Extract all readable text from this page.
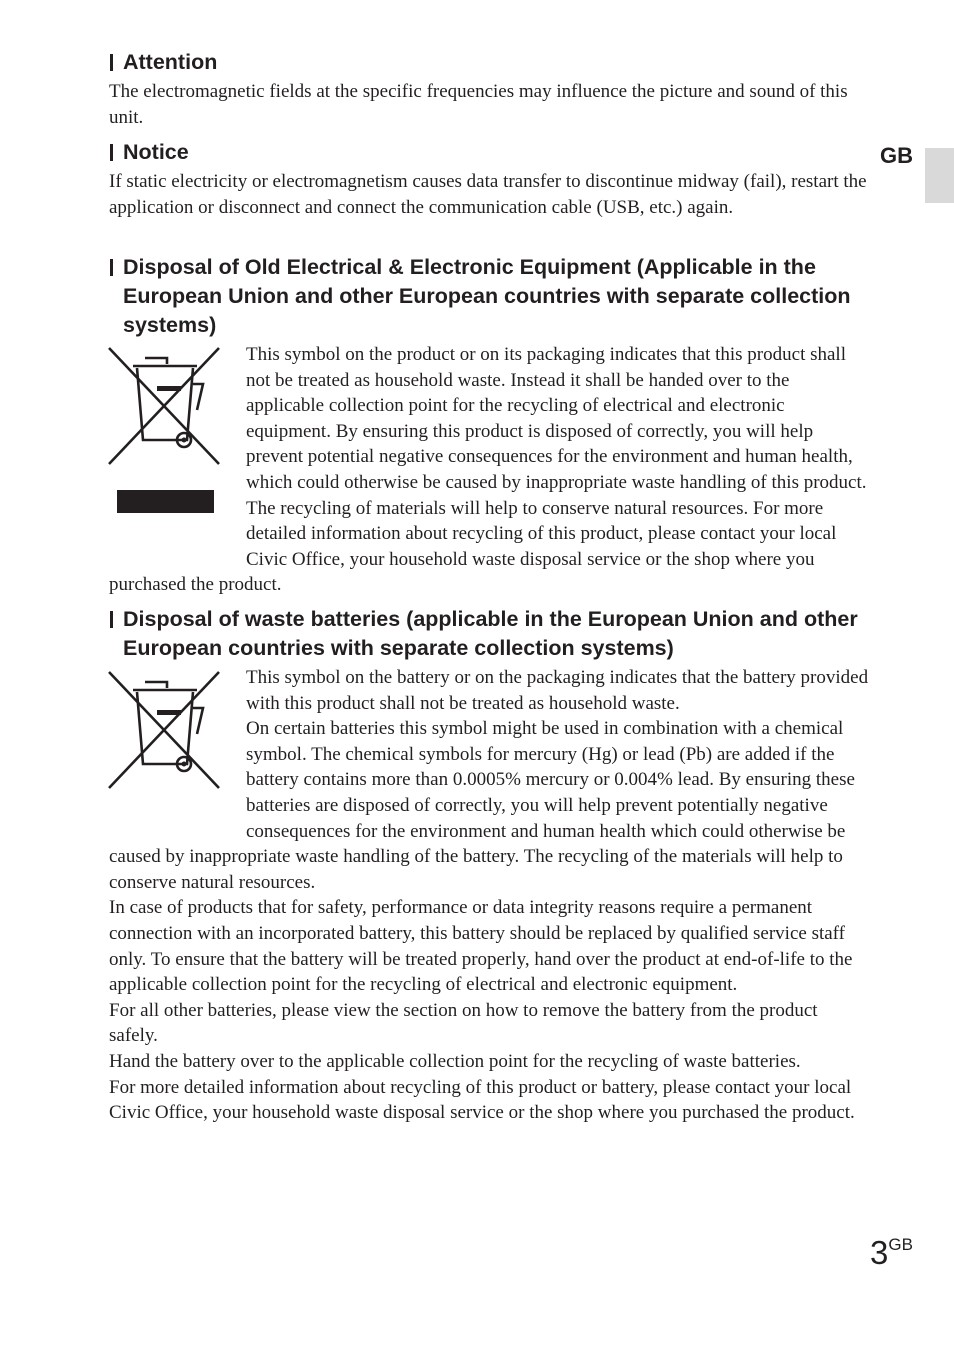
GB
Attention

The electromagnetic fields at the specific frequencies may influence the picture and sound of this unit.

Notice

If static electricity or electromagnetism causes data transfer to discontinue midway (fail), restart the application or disconnect and connect the communication cable (USB, etc.) again.

Disposal of Old Electrical & Electronic Equipment (Applicable in the European Union and other European countries with separate collection systems)

This symbol on the product or on its packaging indicates that this product shall not be treated as household waste. Instead it shall be handed over to the applicable collection point for the recycling of electrical and electronic equipment. By ensuring this product is disposed of correctly, you will help prevent potential negative consequences for the environment and human health, which could otherwise be caused by inappropriate waste handling of this product. The recycling of materials will help to conserve natural resources. For more detailed information about recycling of this product, please contact your local Civic Office, your household waste disposal service or the shop where you purchased the product.

Disposal of waste batteries (applicable in the European Union and other European countries with separate collection systems)

This symbol on the battery or on the packaging indicates that the battery provided with this product shall not be treated as household waste.

On certain batteries this symbol might be used in combination with a chemical symbol. The chemical symbols for mercury (Hg) or lead (Pb) are added if the battery contains more than 0.0005% mercury or 0.004% lead. By ensuring these batteries are disposed of correctly, you will help prevent potentially negative consequences for the environment and human health which could otherwise be caused by inappropriate waste handling of the battery. The recycling of the materials will help to conserve natural resources.

In case of products that for safety, performance or data integrity reasons require a permanent connection with an incorporated battery, this battery should be replaced by qualified service staff only. To ensure that the battery will be treated properly, hand over the product at end-of-life to the applicable collection point for the recycling of electrical and electronic equipment.

For all other batteries, please view the section on how to remove the battery from the product safely.

Hand the battery over to the applicable collection point for the recycling of waste batteries.

For more detailed information about recycling of this product or battery, please contact your local Civic Office, your household waste disposal service or the shop where you purchased the product.

3GB
